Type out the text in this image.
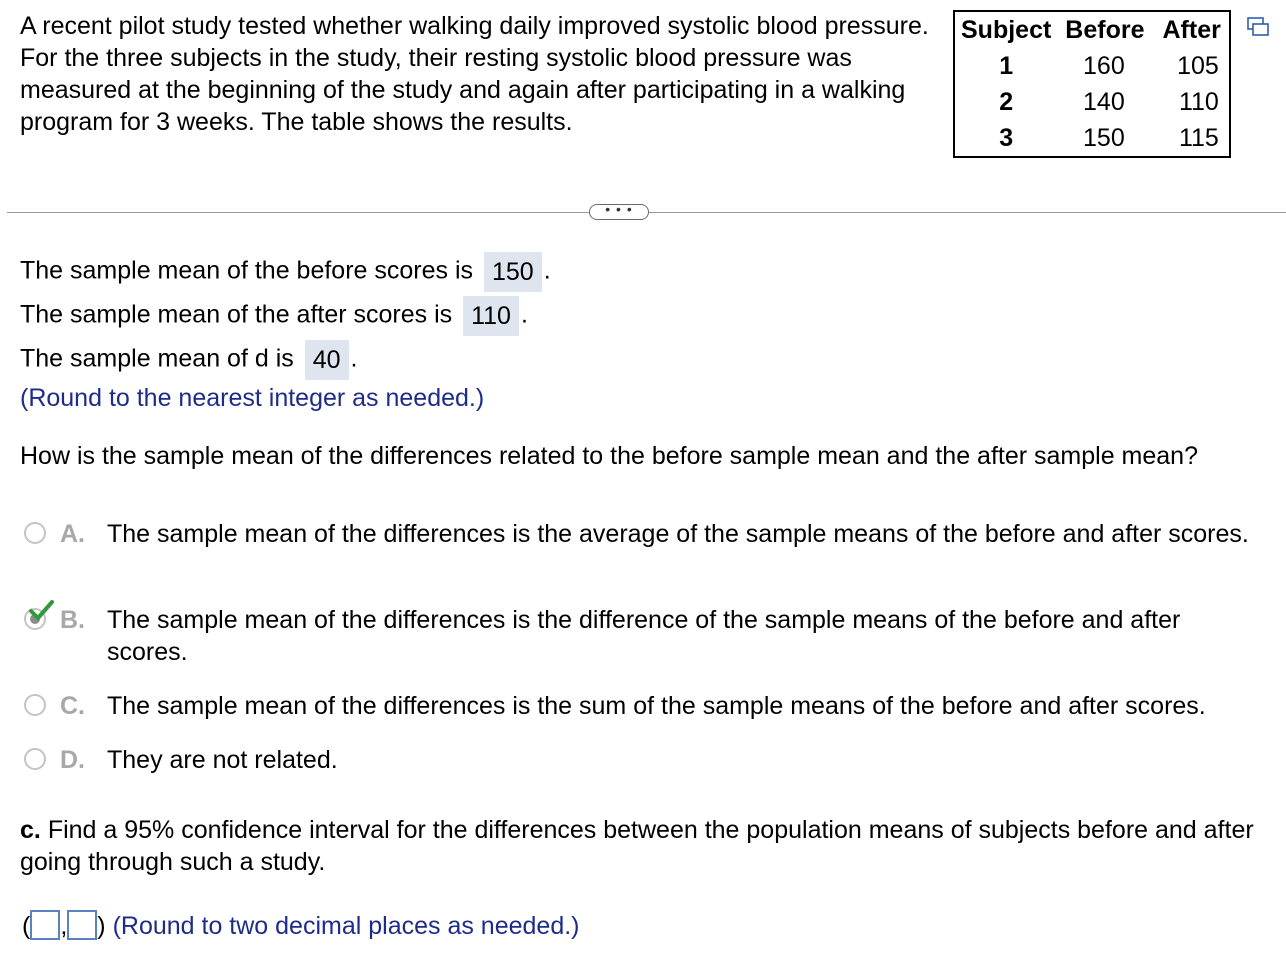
A recent pilot study tested whether walking daily improved systolic blood pressure. For the three subjects in the study, their resting systolic blood pressure was measured at the beginning of the study and again after participating in a walking program for 3 weeks. The table shows the results.
Subject	Before	After
1	160	105
2	140	110
3	150	115
• • •
The sample mean of the before scores is 150 .
The sample mean of the after scores is 110 .
The sample mean of d is 40 .
(Round to the nearest integer as needed.)
How is the sample mean of the differences related to the before sample mean and the after sample mean?
A. The sample mean of the differences is the average of the sample means of the before and after scores.
B. The sample mean of the differences is the difference of the sample means of the before and after scores.
C. The sample mean of the differences is the sum of the sample means of the before and after scores.
D. They are not related.
c. Find a 95% confidence interval for the differences between the population means of subjects before and after going through such a study.
( , ) (Round to two decimal places as needed.)
